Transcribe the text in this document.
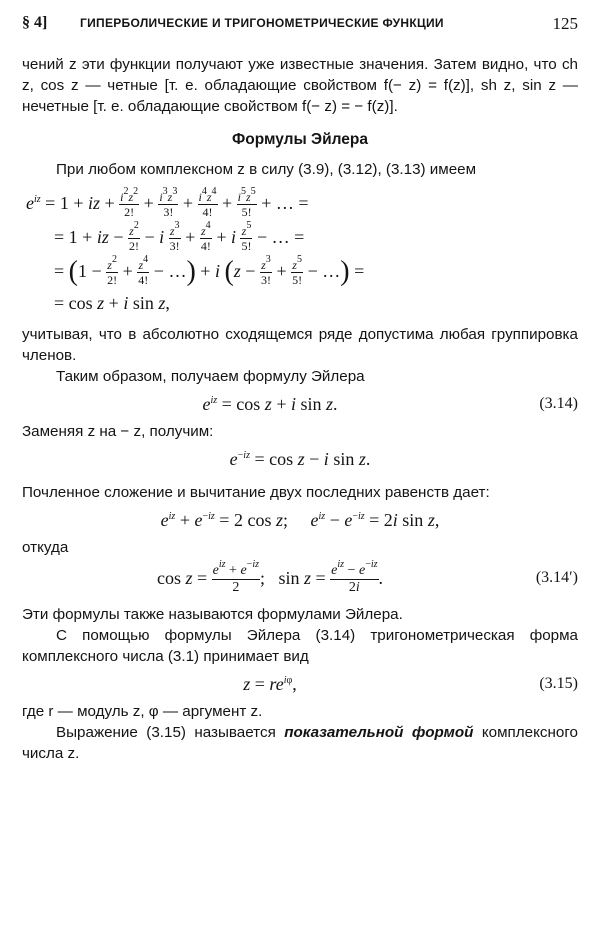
§ 4]	ГИПЕРБОЛИЧЕСКИЕ И ТРИГОНОМЕТРИЧЕСКИЕ ФУНКЦИИ	125

чений z эти функции получают уже известные значения. Затем видно, что ch z, cos z — четные [т. е. обладающие свойством f(− z) = f(z)], sh z, sin z — нечетные [т. е. обладающие свойством f(− z) = − f(z)].

Формулы Эйлера

При любом комплексном z в силу (3.9), (3.12), (3.13) имеем

$e^{iz} = 1$ + iz + $\frac{i^2z^2}{2!} + \frac{i^3z^3}{3!} + \frac{i^4z^4}{4!} + \frac{i^5z^5}{5!}$ + … =
= 1 + iz − $\frac{z^2}{2!} - i \frac{z^3}{3!} + \frac{z^4}{4!} + i \frac{z^5}{5!}$ − … =
= ($1 - \frac{z^2}{2!} + \frac{z^4}{4!}$ − …) + i ($z - \frac{z^3}{3!} + \frac{z^5}{5!}$ − …) =
= cos z + i sin z,

учитывая, что в абсолютно сходящемся ряде допустима любая группировка членов.

Таким образом, получаем формулу Эйлера

$e^{iz} = \cos z + i$ sin z.	(3.14)

Заменяя z на − z, получим:

$e^{-iz} = \cos z - i$ sin z.

Почленное сложение и вычитание двух последних равенств дает:

$e^{iz} + e^{-iz} = 2$ cos z;     $e^{iz} - e^{-iz} = 2i$ sin z,

откуда

$\cos z = \frac{e^{iz} + e^{-iz}}{2}$ ;   $\sin z = \frac{e^{iz} - e^{-iz}}{2i}$ .	(3.14′)

Эти формулы также называются формулами Эйлера.

С помощью формулы Эйлера (3.14) тригонометрическая форма комплексного числа (3.1) принимает вид

$z = re^{i\varphi}$,	(3.15)

где r — модуль z, φ — аргумент z.

Выражение (3.15) называется показательной формой комплексного числа z.
